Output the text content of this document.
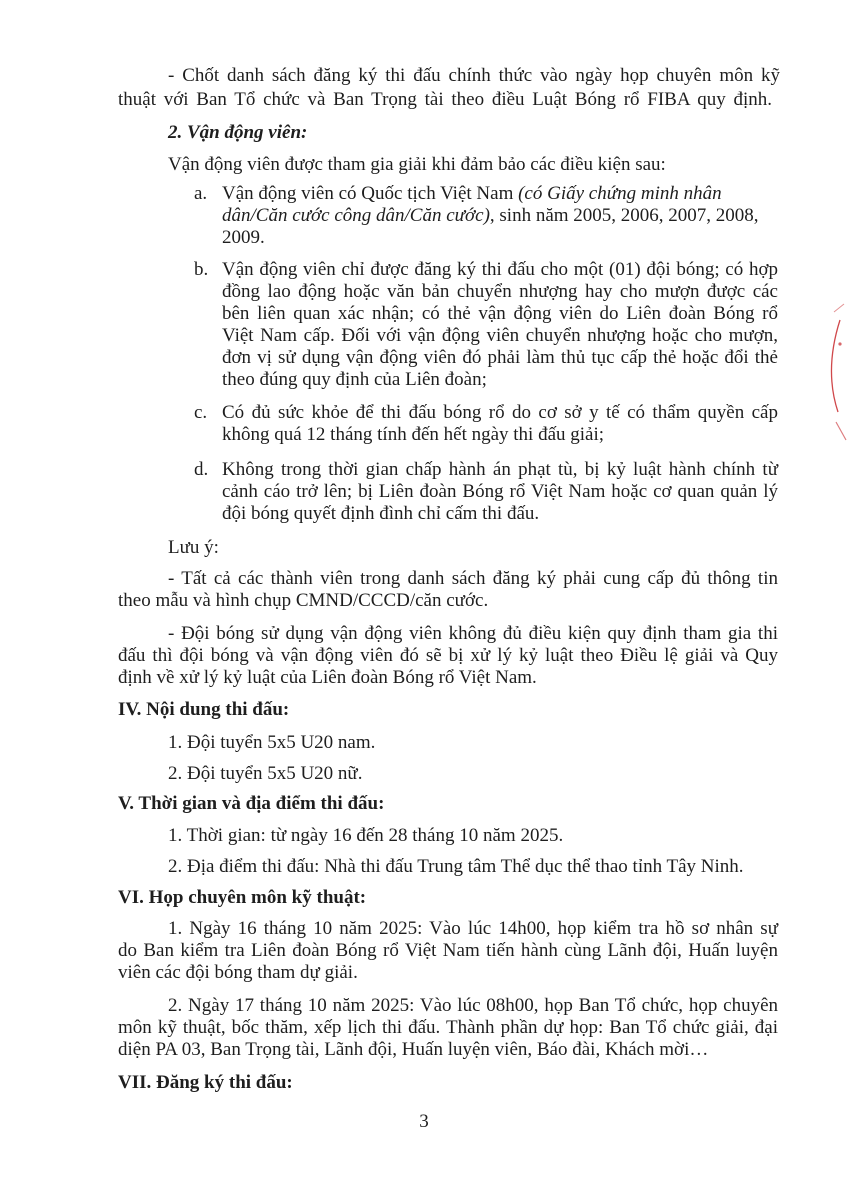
- Chốt danh sách đăng ký thi đấu chính thức vào ngày họp chuyên môn kỹ
thuật với Ban Tổ chức và Ban Trọng tài theo điều Luật Bóng rổ FIBA quy định.
2. Vận động viên:
Vận động viên được tham gia giải khi đảm bảo các điều kiện sau:
a. Vận động viên có Quốc tịch Việt Nam (có Giấy chứng minh nhân
dân/Căn cước công dân/Căn cước), sinh năm 2005, 2006, 2007, 2008,
2009.
b. Vận động viên chỉ được đăng ký thi đấu cho một (01) đội bóng; có hợp
đồng lao động hoặc văn bản chuyển nhượng hay cho mượn được các
bên liên quan xác nhận; có thẻ vận động viên do Liên đoàn Bóng rổ
Việt Nam cấp. Đối với vận động viên chuyển nhượng hoặc cho mượn,
đơn vị sử dụng vận động viên đó phải làm thủ tục cấp thẻ hoặc đổi thẻ
theo đúng quy định của Liên đoàn;
c. Có đủ sức khỏe để thi đấu bóng rổ do cơ sở y tế có thẩm quyền cấp
không quá 12 tháng tính đến hết ngày thi đấu giải;
d. Không trong thời gian chấp hành án phạt tù, bị kỷ luật hành chính từ
cảnh cáo trở lên; bị Liên đoàn Bóng rổ Việt Nam hoặc cơ quan quản lý
đội bóng quyết định đình chỉ cấm thi đấu.
Lưu ý:
- Tất cả các thành viên trong danh sách đăng ký phải cung cấp đủ thông tin
theo mẫu và hình chụp CMND/CCCD/căn cước.
- Đội bóng sử dụng vận động viên không đủ điều kiện quy định tham gia thi
đấu thì đội bóng và vận động viên đó sẽ bị xử lý kỷ luật theo Điều lệ giải và Quy
định về xử lý kỷ luật của Liên đoàn Bóng rổ Việt Nam.
IV. Nội dung thi đấu:
1. Đội tuyển 5x5 U20 nam.
2. Đội tuyển 5x5 U20 nữ.
V. Thời gian và địa điểm thi đấu:
1. Thời gian: từ ngày 16 đến 28 tháng 10 năm 2025.
2. Địa điểm thi đấu: Nhà thi đấu Trung tâm Thể dục thể thao tỉnh Tây Ninh.
VI. Họp chuyên môn kỹ thuật:
1. Ngày 16 tháng 10 năm 2025: Vào lúc 14h00, họp kiểm tra hồ sơ nhân sự
do Ban kiểm tra Liên đoàn Bóng rổ Việt Nam tiến hành cùng Lãnh đội, Huấn luyện
viên các đội bóng tham dự giải.
2. Ngày 17 tháng 10 năm 2025: Vào lúc 08h00, họp Ban Tổ chức, họp chuyên
môn kỹ thuật, bốc thăm, xếp lịch thi đấu. Thành phần dự họp: Ban Tổ chức giải, đại
diện PA 03, Ban Trọng tài, Lãnh đội, Huấn luyện viên, Báo đài, Khách mời…
VII. Đăng ký thi đấu:
3
